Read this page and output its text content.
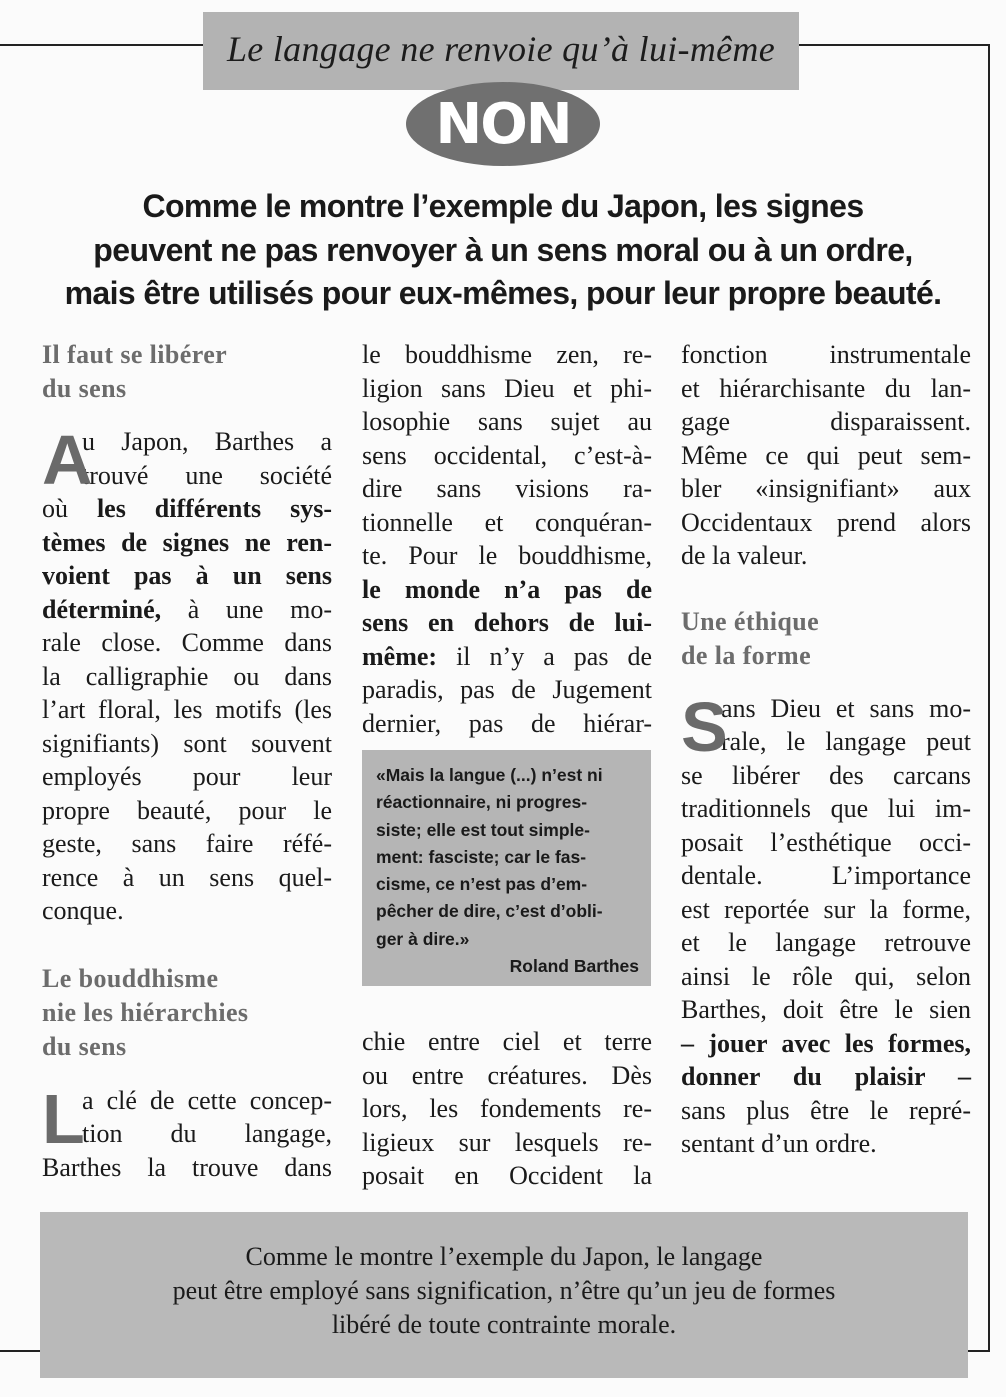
Le langage ne renvoie qu’à lui-même
NON
Comme le montre l’exemple du Japon, les signes
peuvent ne pas renvoyer à un sens moral ou à un ordre,
mais être utilisés pour eux-mêmes, pour leur propre beauté.
Il faut se libérer
du sens
A
u Japon, Barthes a
trouvé une société
où les différents sys-
tèmes de signes ne ren-
voient pas à un sens
déterminé, à une mo-
rale close. Comme dans
la calligraphie ou dans
l’art floral, les motifs (les
signifiants) sont souvent
employés pour leur
propre beauté, pour le
geste, sans faire réfé-
rence à un sens quel-
conque.
Le bouddhisme
nie les hiérarchies
du sens
L
a clé de cette concep-
tion du langage,
Barthes la trouve dans
le bouddhisme zen, re-
ligion sans Dieu et phi-
losophie sans sujet au
sens occidental, c’est-à-
dire sans visions ra-
tionnelle et conquéran-
te. Pour le bouddhisme,
le monde n’a pas de
sens en dehors de lui-
même: il n’y a pas de
paradis, pas de Jugement
dernier, pas de hiérar-
chie entre ciel et terre
ou entre créatures. Dès
lors, les fondements re-
ligieux sur lesquels re-
posait en Occident la
«Mais la langue (...) n’est ni
réactionnaire, ni progres-
siste; elle est tout simple-
ment: fasciste; car le fas-
cisme, ce n’est pas d’em-
pêcher de dire, c’est d’obli-
ger à dire.»
Roland Barthes
fonction instrumentale
et hiérarchisante du lan-
gage disparaissent.
Même ce qui peut sem-
bler «insignifiant» aux
Occidentaux prend alors
de la valeur.
Une éthique
de la forme
S
ans Dieu et sans mo-
rale, le langage peut
se libérer des carcans
traditionnels que lui im-
posait l’esthétique occi-
dentale. L’importance
est reportée sur la forme,
et le langage retrouve
ainsi le rôle qui, selon
Barthes, doit être le sien
– jouer avec les formes,
donner du plaisir –
sans plus être le repré-
sentant d’un ordre.
Comme le montre l’exemple du Japon, le langage
peut être employé sans signification, n’être qu’un jeu de formes
libéré de toute contrainte morale.
